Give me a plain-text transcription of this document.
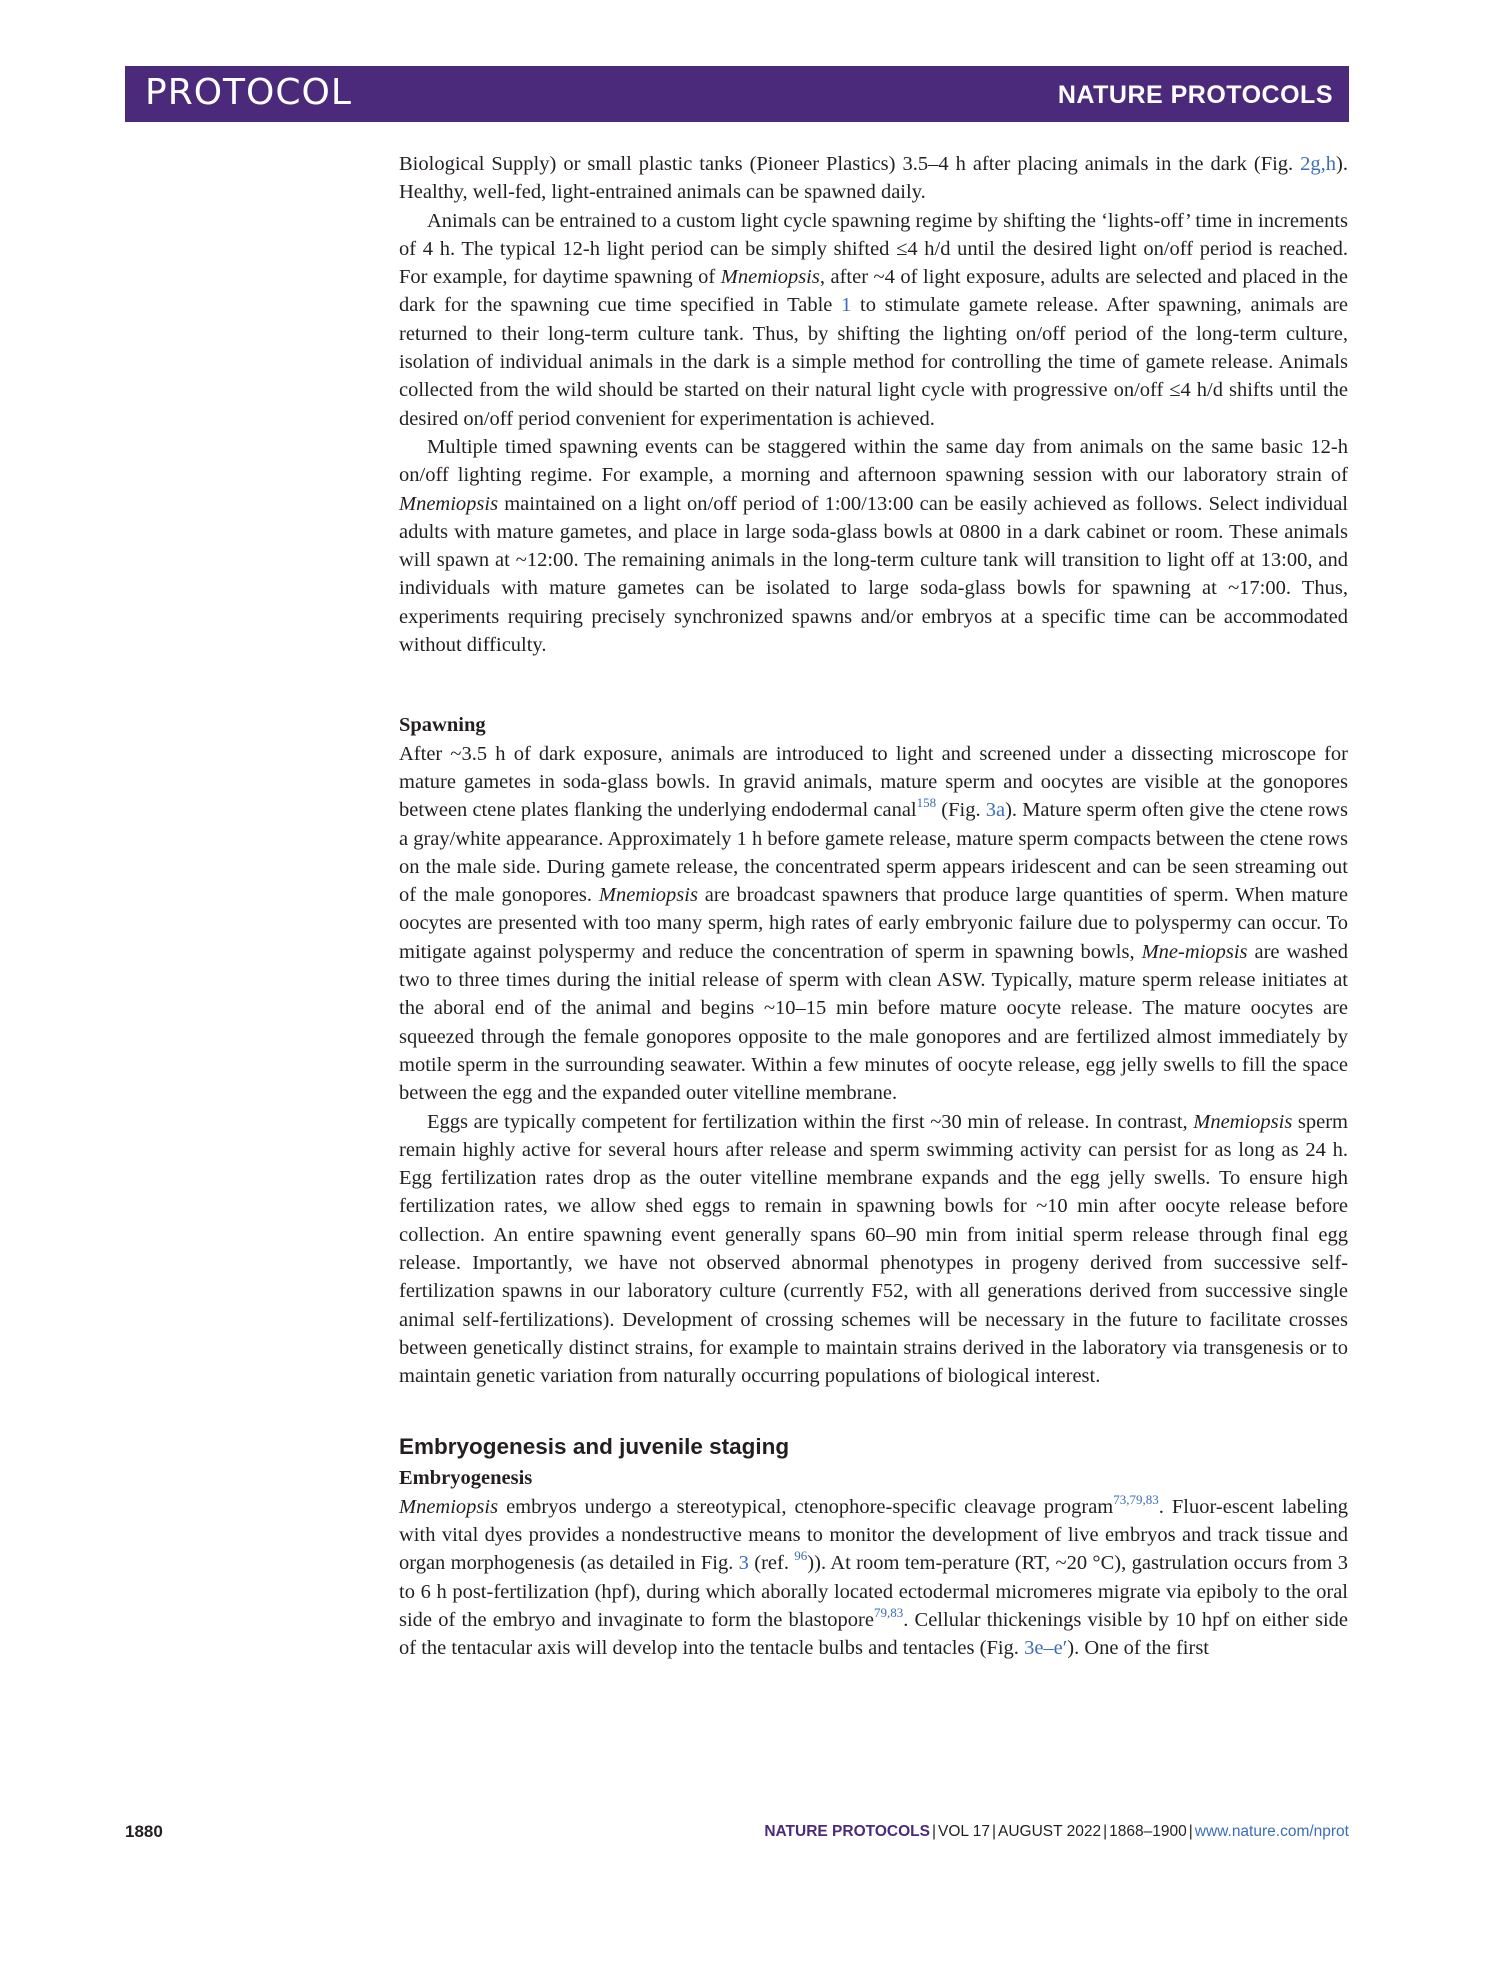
PROTOCOL	NATURE PROTOCOLS

Biological Supply) or small plastic tanks (Pioneer Plastics) 3.5–4 h after placing animals in the dark (Fig. 2g,h). Healthy, well-fed, light-entrained animals can be spawned daily.

Animals can be entrained to a custom light cycle spawning regime by shifting the ‘lights-off’ time in increments of 4 h. The typical 12-h light period can be simply shifted ≤4 h/d until the desired light on/off period is reached. For example, for daytime spawning of Mnemiopsis, after ~4 of light exposure, adults are selected and placed in the dark for the spawning cue time specified in Table 1 to stimulate gamete release. After spawning, animals are returned to their long-term culture tank. Thus, by shifting the lighting on/off period of the long-term culture, isolation of individual animals in the dark is a simple method for controlling the time of gamete release. Animals collected from the wild should be started on their natural light cycle with progressive on/off ≤4 h/d shifts until the desired on/off period convenient for experimentation is achieved.

Multiple timed spawning events can be staggered within the same day from animals on the same basic 12-h on/off lighting regime. For example, a morning and afternoon spawning session with our laboratory strain of Mnemiopsis maintained on a light on/off period of 1:00/13:00 can be easily achieved as follows. Select individual adults with mature gametes, and place in large soda-glass bowls at 0800 in a dark cabinet or room. These animals will spawn at ~12:00. The remaining animals in the long-term culture tank will transition to light off at 13:00, and individuals with mature gametes can be isolated to large soda-glass bowls for spawning at ~17:00. Thus, experiments requiring precisely synchronized spawns and/or embryos at a specific time can be accommodated without difficulty.

Spawning

After ~3.5 h of dark exposure, animals are introduced to light and screened under a dissecting microscope for mature gametes in soda-glass bowls. In gravid animals, mature sperm and oocytes are visible at the gonopores between ctene plates flanking the underlying endodermal canal$^{158}$ (Fig. 3a). Mature sperm often give the ctene rows a gray/white appearance. Approximately 1 h before gamete release, mature sperm compacts between the ctene rows on the male side. During gamete release, the concentrated sperm appears iridescent and can be seen streaming out of the male gonopores. Mnemiopsis are broadcast spawners that produce large quantities of sperm. When mature oocytes are presented with too many sperm, high rates of early embryonic failure due to polyspermy can occur. To mitigate against polyspermy and reduce the concentration of sperm in spawning bowls, Mne-miopsis are washed two to three times during the initial release of sperm with clean ASW. Typically, mature sperm release initiates at the aboral end of the animal and begins ~10–15 min before mature oocyte release. The mature oocytes are squeezed through the female gonopores opposite to the male gonopores and are fertilized almost immediately by motile sperm in the surrounding seawater. Within a few minutes of oocyte release, egg jelly swells to fill the space between the egg and the expanded outer vitelline membrane.

Eggs are typically competent for fertilization within the first ~30 min of release. In contrast, Mnemiopsis sperm remain highly active for several hours after release and sperm swimming activity can persist for as long as 24 h. Egg fertilization rates drop as the outer vitelline membrane expands and the egg jelly swells. To ensure high fertilization rates, we allow shed eggs to remain in spawning bowls for ~10 min after oocyte release before collection. An entire spawning event generally spans 60–90 min from initial sperm release through final egg release. Importantly, we have not observed abnormal phenotypes in progeny derived from successive self-fertilization spawns in our laboratory culture (currently F52, with all generations derived from successive single animal self-fertilizations). Development of crossing schemes will be necessary in the future to facilitate crosses between genetically distinct strains, for example to maintain strains derived in the laboratory via transgenesis or to maintain genetic variation from naturally occurring populations of biological interest.

Embryogenesis and juvenile staging
Embryogenesis

Mnemiopsis embryos undergo a stereotypical, ctenophore-specific cleavage program$^{73,79,83}$. Fluor-escent labeling with vital dyes provides a nondestructive means to monitor the development of live embryos and track tissue and organ morphogenesis (as detailed in Fig. 3 (ref. $^{96}$)). At room tem-perature (RT, ~20 °C), gastrulation occurs from 3 to 6 h post-fertilization (hpf), during which aborally located ectodermal micromeres migrate via epiboly to the oral side of the embryo and invaginate to form the blastopore$^{79,83}$. Cellular thickenings visible by 10 hpf on either side of the tentacular axis will develop into the tentacle bulbs and tentacles (Fig. 3e–e′). One of the first

1880	NATURE PROTOCOLS | VOL 17 | AUGUST 2022 | 1868–1900 | www.nature.com/nprot
